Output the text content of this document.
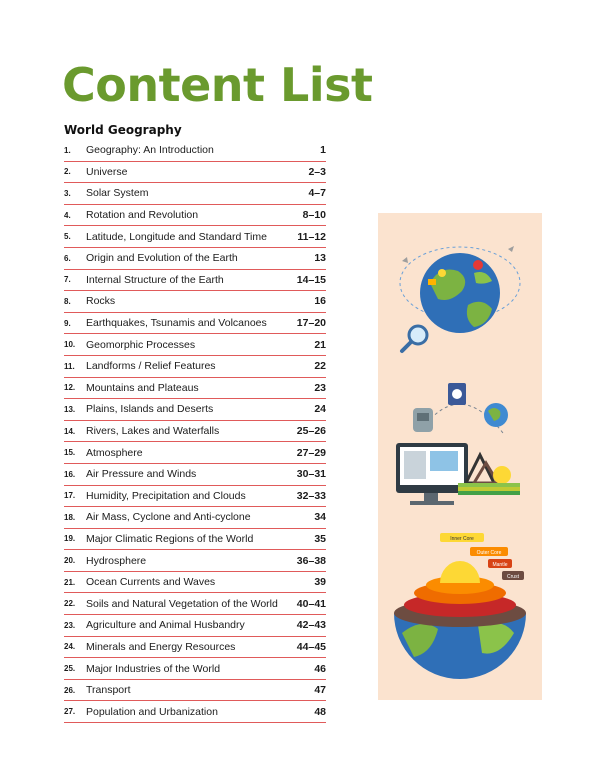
Content List
World Geography
1.	Geography: An Introduction	1
2.	Universe	2–3
3.	Solar System	4–7
4.	Rotation and Revolution	8–10
5.	Latitude, Longitude and Standard Time	11–12
6.	Origin and Evolution of the Earth	13
7.	Internal Structure of the Earth	14–15
8.	Rocks	16
9.	Earthquakes, Tsunamis and Volcanoes	17–20
10.	Geomorphic Processes	21
11.	Landforms / Relief Features	22
12.	Mountains and Plateaus	23
13.	Plains, Islands and Deserts	24
14.	Rivers, Lakes and Waterfalls	25–26
15.	Atmosphere	27–29
16.	Air Pressure and Winds	30–31
17.	Humidity, Precipitation and Clouds	32–33
18.	Air Mass, Cyclone and Anti-cyclone	34
19.	Major Climatic Regions of the World	35
20.	Hydrosphere	36–38
21.	Ocean Currents and Waves	39
22.	Soils and Natural Vegetation of the World	40–41
23.	Agriculture and Animal Husbandry	42–43
24.	Minerals and Energy Resources	44–45
25.	Major Industries of the World	46
26.	Transport	47
27.	Population and Urbanization	48
Inner Core
Outer Core
Mantle
Crust
